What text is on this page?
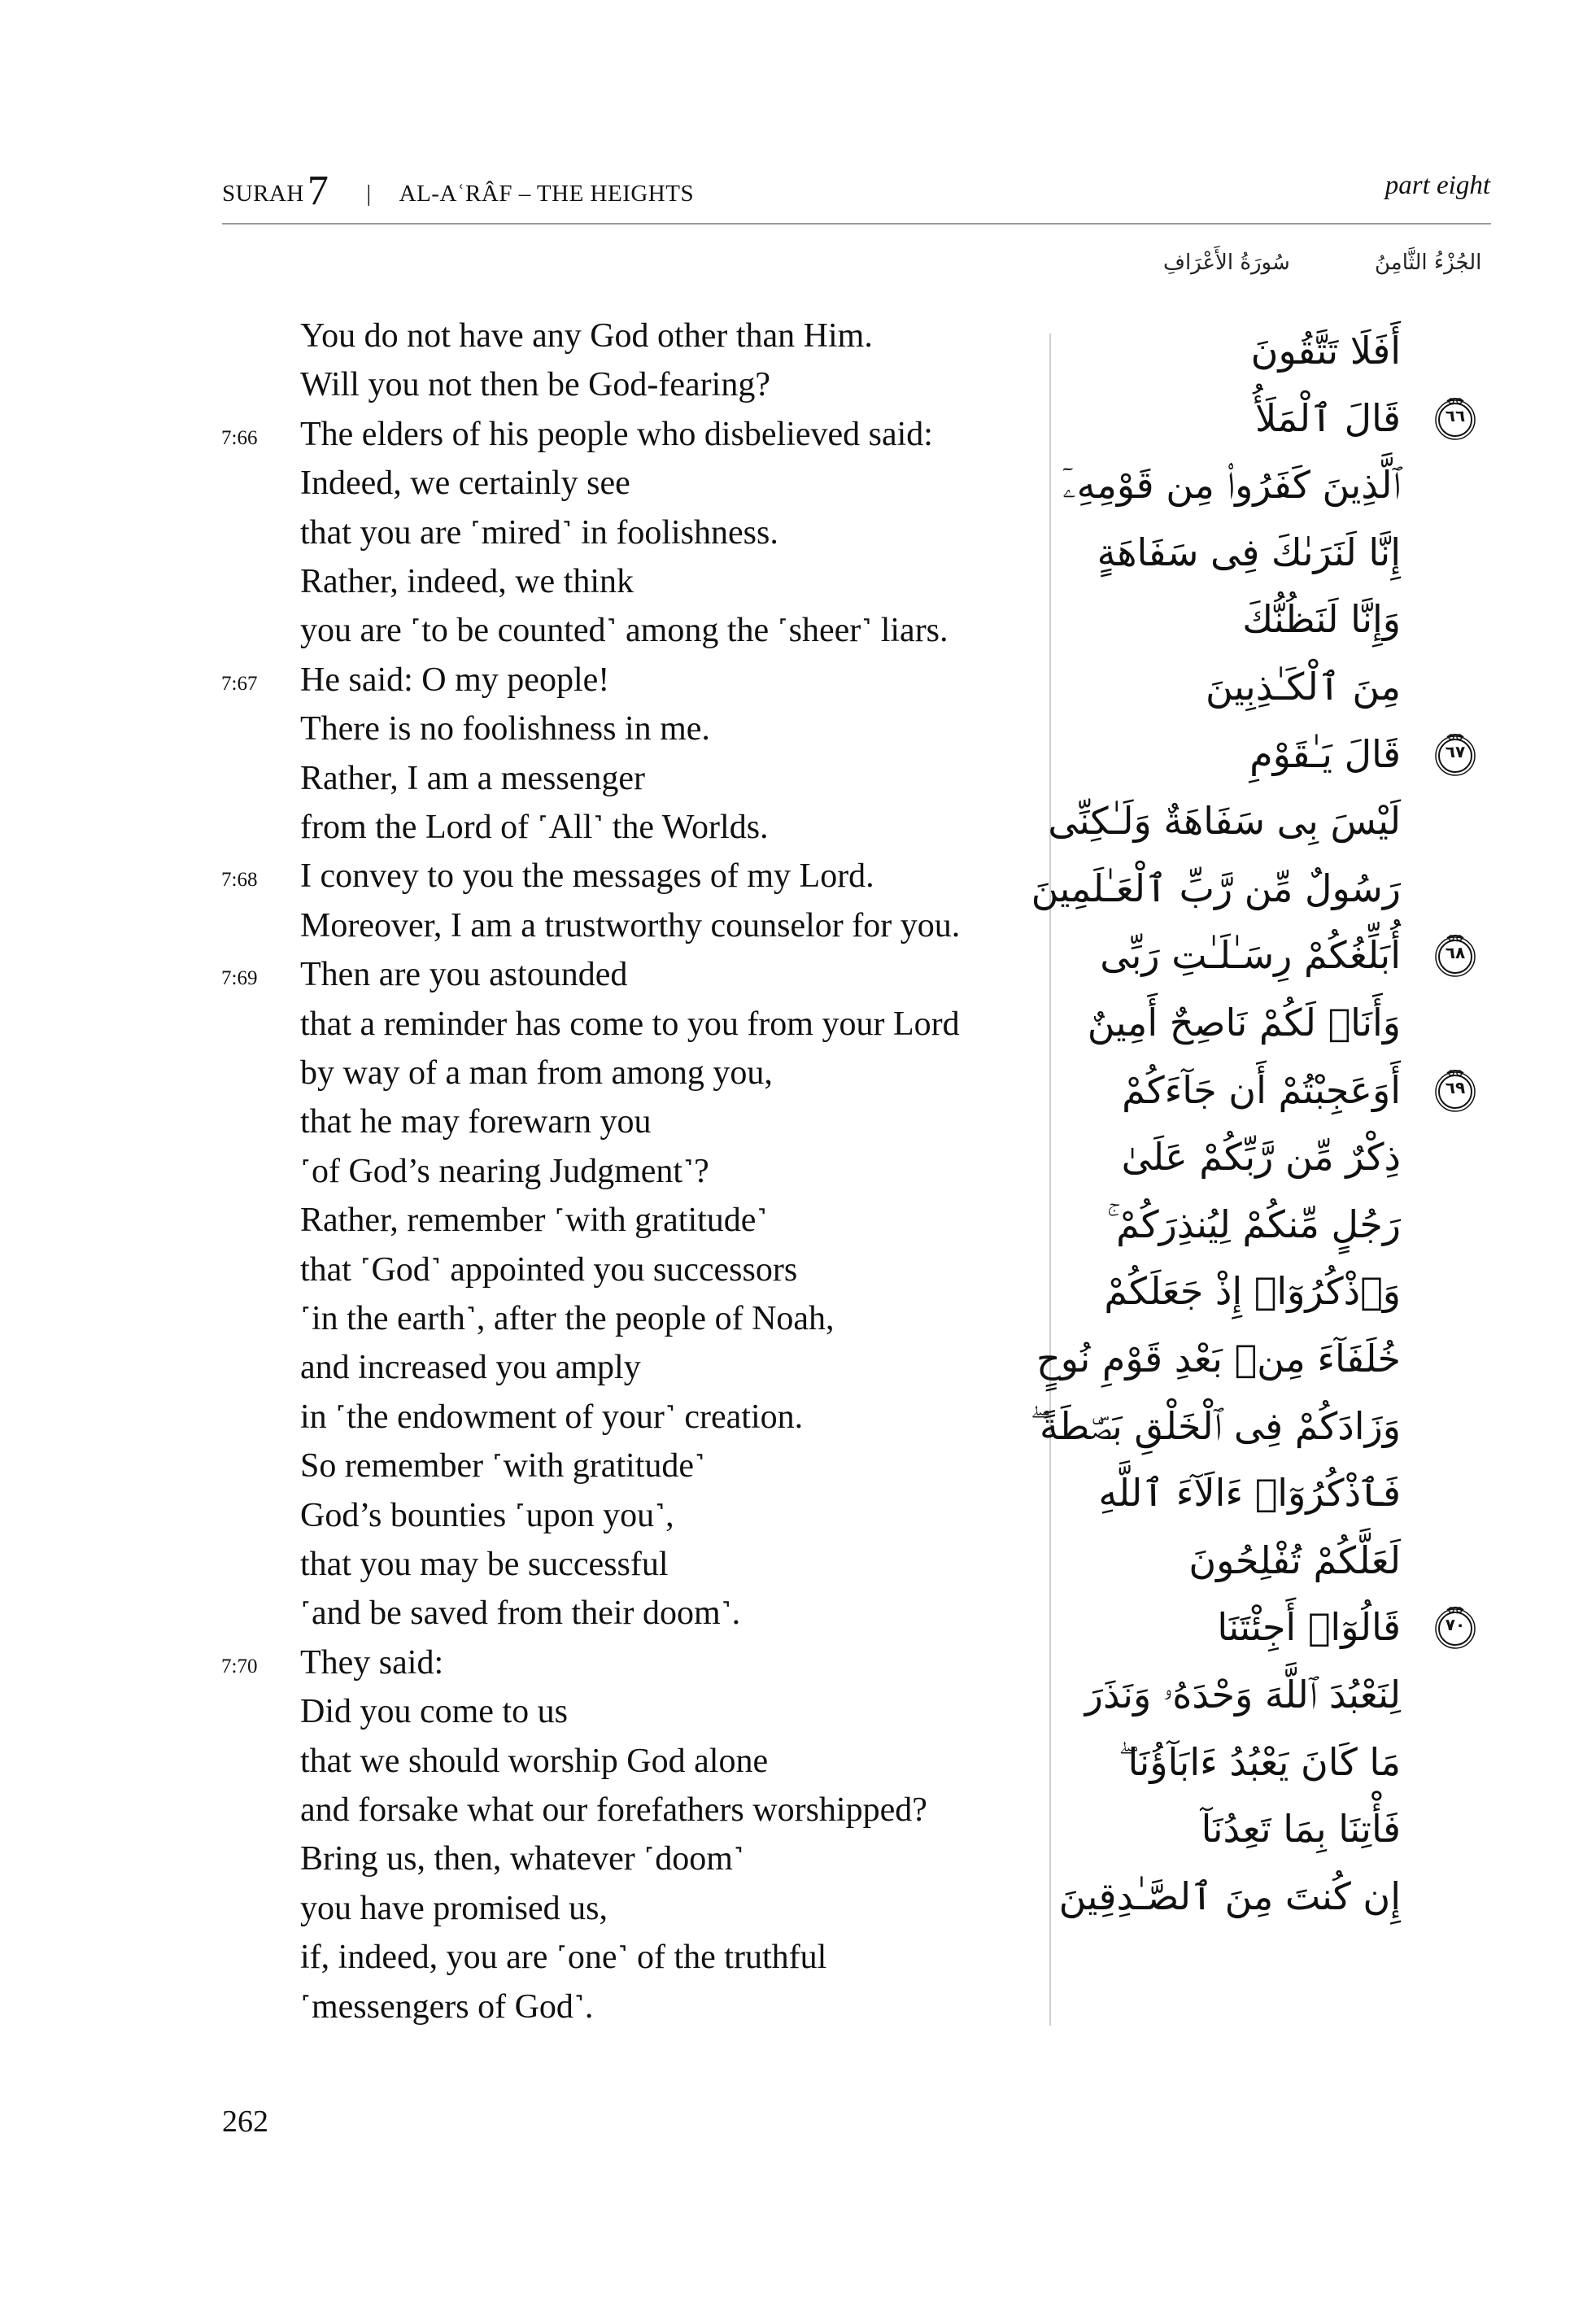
SURAH7 | AL-AʿRÂF – THE HEIGHTS	part eight
سُورَةُ الأَعْرَافِ	الجُزْءُ الثَّامِنُ
You do not have any God other than Him.
Will you not then be God-fearing?
The elders of his people who disbelieved said:
7:66
Indeed, we certainly see
that you are ˹mired˺ in foolishness.
Rather, indeed, we think
you are ˹to be counted˺ among the ˹sheer˺ liars.
He said: O my people!
7:67
There is no foolishness in me.
Rather, I am a messenger
from the Lord of ˹All˺ the Worlds.
I convey to you the messages of my Lord.
7:68
Moreover, I am a trustworthy counselor for you.
Then are you astounded
7:69
that a reminder has come to you from your Lord
by way of a man from among you,
that he may forewarn you
˹of God’s nearing Judgment˺?
Rather, remember ˹with gratitude˺
that ˹God˺ appointed you successors
˹in the earth˺, after the people of Noah,
and increased you amply
in ˹the endowment of your˺ creation.
So remember ˹with gratitude˺
God’s bounties ˹upon you˺,
that you may be successful
˹and be saved from their doom˺.
They said:
7:70
Did you come to us
that we should worship God alone
and forsake what our forefathers worshipped?
Bring us, then, whatever ˹doom˺
you have promised us,
if, indeed, you are ˹one˺ of the truthful
˹messengers of God˺.
أَفَلَا تَتَّقُونَ
قَالَ ٱلْمَلَأُ	٦٦
ٱلَّذِينَ كَفَرُوا۟ مِن قَوْمِهِۦٓ
إِنَّا لَنَرَىٰكَ فِى سَفَاهَةٍ
وَإِنَّا لَنَظُنُّكَ
مِنَ ٱلْكَـٰذِبِينَ
قَالَ يَـٰقَوْمِ	٦٧
لَيْسَ بِى سَفَاهَةٌ وَلَـٰكِنِّى
رَسُولٌ مِّن رَّبِّ ٱلْعَـٰلَمِينَ
أُبَلِّغُكُمْ رِسَـٰلَـٰتِ رَبِّى	٦٨
وَأَنَا۠ لَكُمْ نَاصِحٌ أَمِينٌ
أَوَعَجِبْتُمْ أَن جَآءَكُمْ	٦٩
ذِكْرٌ مِّن رَّبِّكُمْ عَلَىٰ
رَجُلٍ مِّنكُمْ لِيُنذِرَكُمْ ۚ
وَٱذْكُرُوٓا۟ إِذْ جَعَلَكُمْ
خُلَفَآءَ مِنۢ بَعْدِ قَوْمِ نُوحٍ
وَزَادَكُمْ فِى ٱلْخَلْقِ بَصْۜطَةً ۖ
فَٱذْكُرُوٓا۟ ءَالَآءَ ٱللَّهِ
لَعَلَّكُمْ تُفْلِحُونَ
قَالُوٓا۟ أَجِئْتَنَا	٧٠
لِنَعْبُدَ ٱللَّهَ وَحْدَهُۥ وَنَذَرَ
مَا كَانَ يَعْبُدُ ءَابَآؤُنَا ۖ
فَأْتِنَا بِمَا تَعِدُنَآ
إِن كُنتَ مِنَ ٱلصَّـٰدِقِينَ
262
